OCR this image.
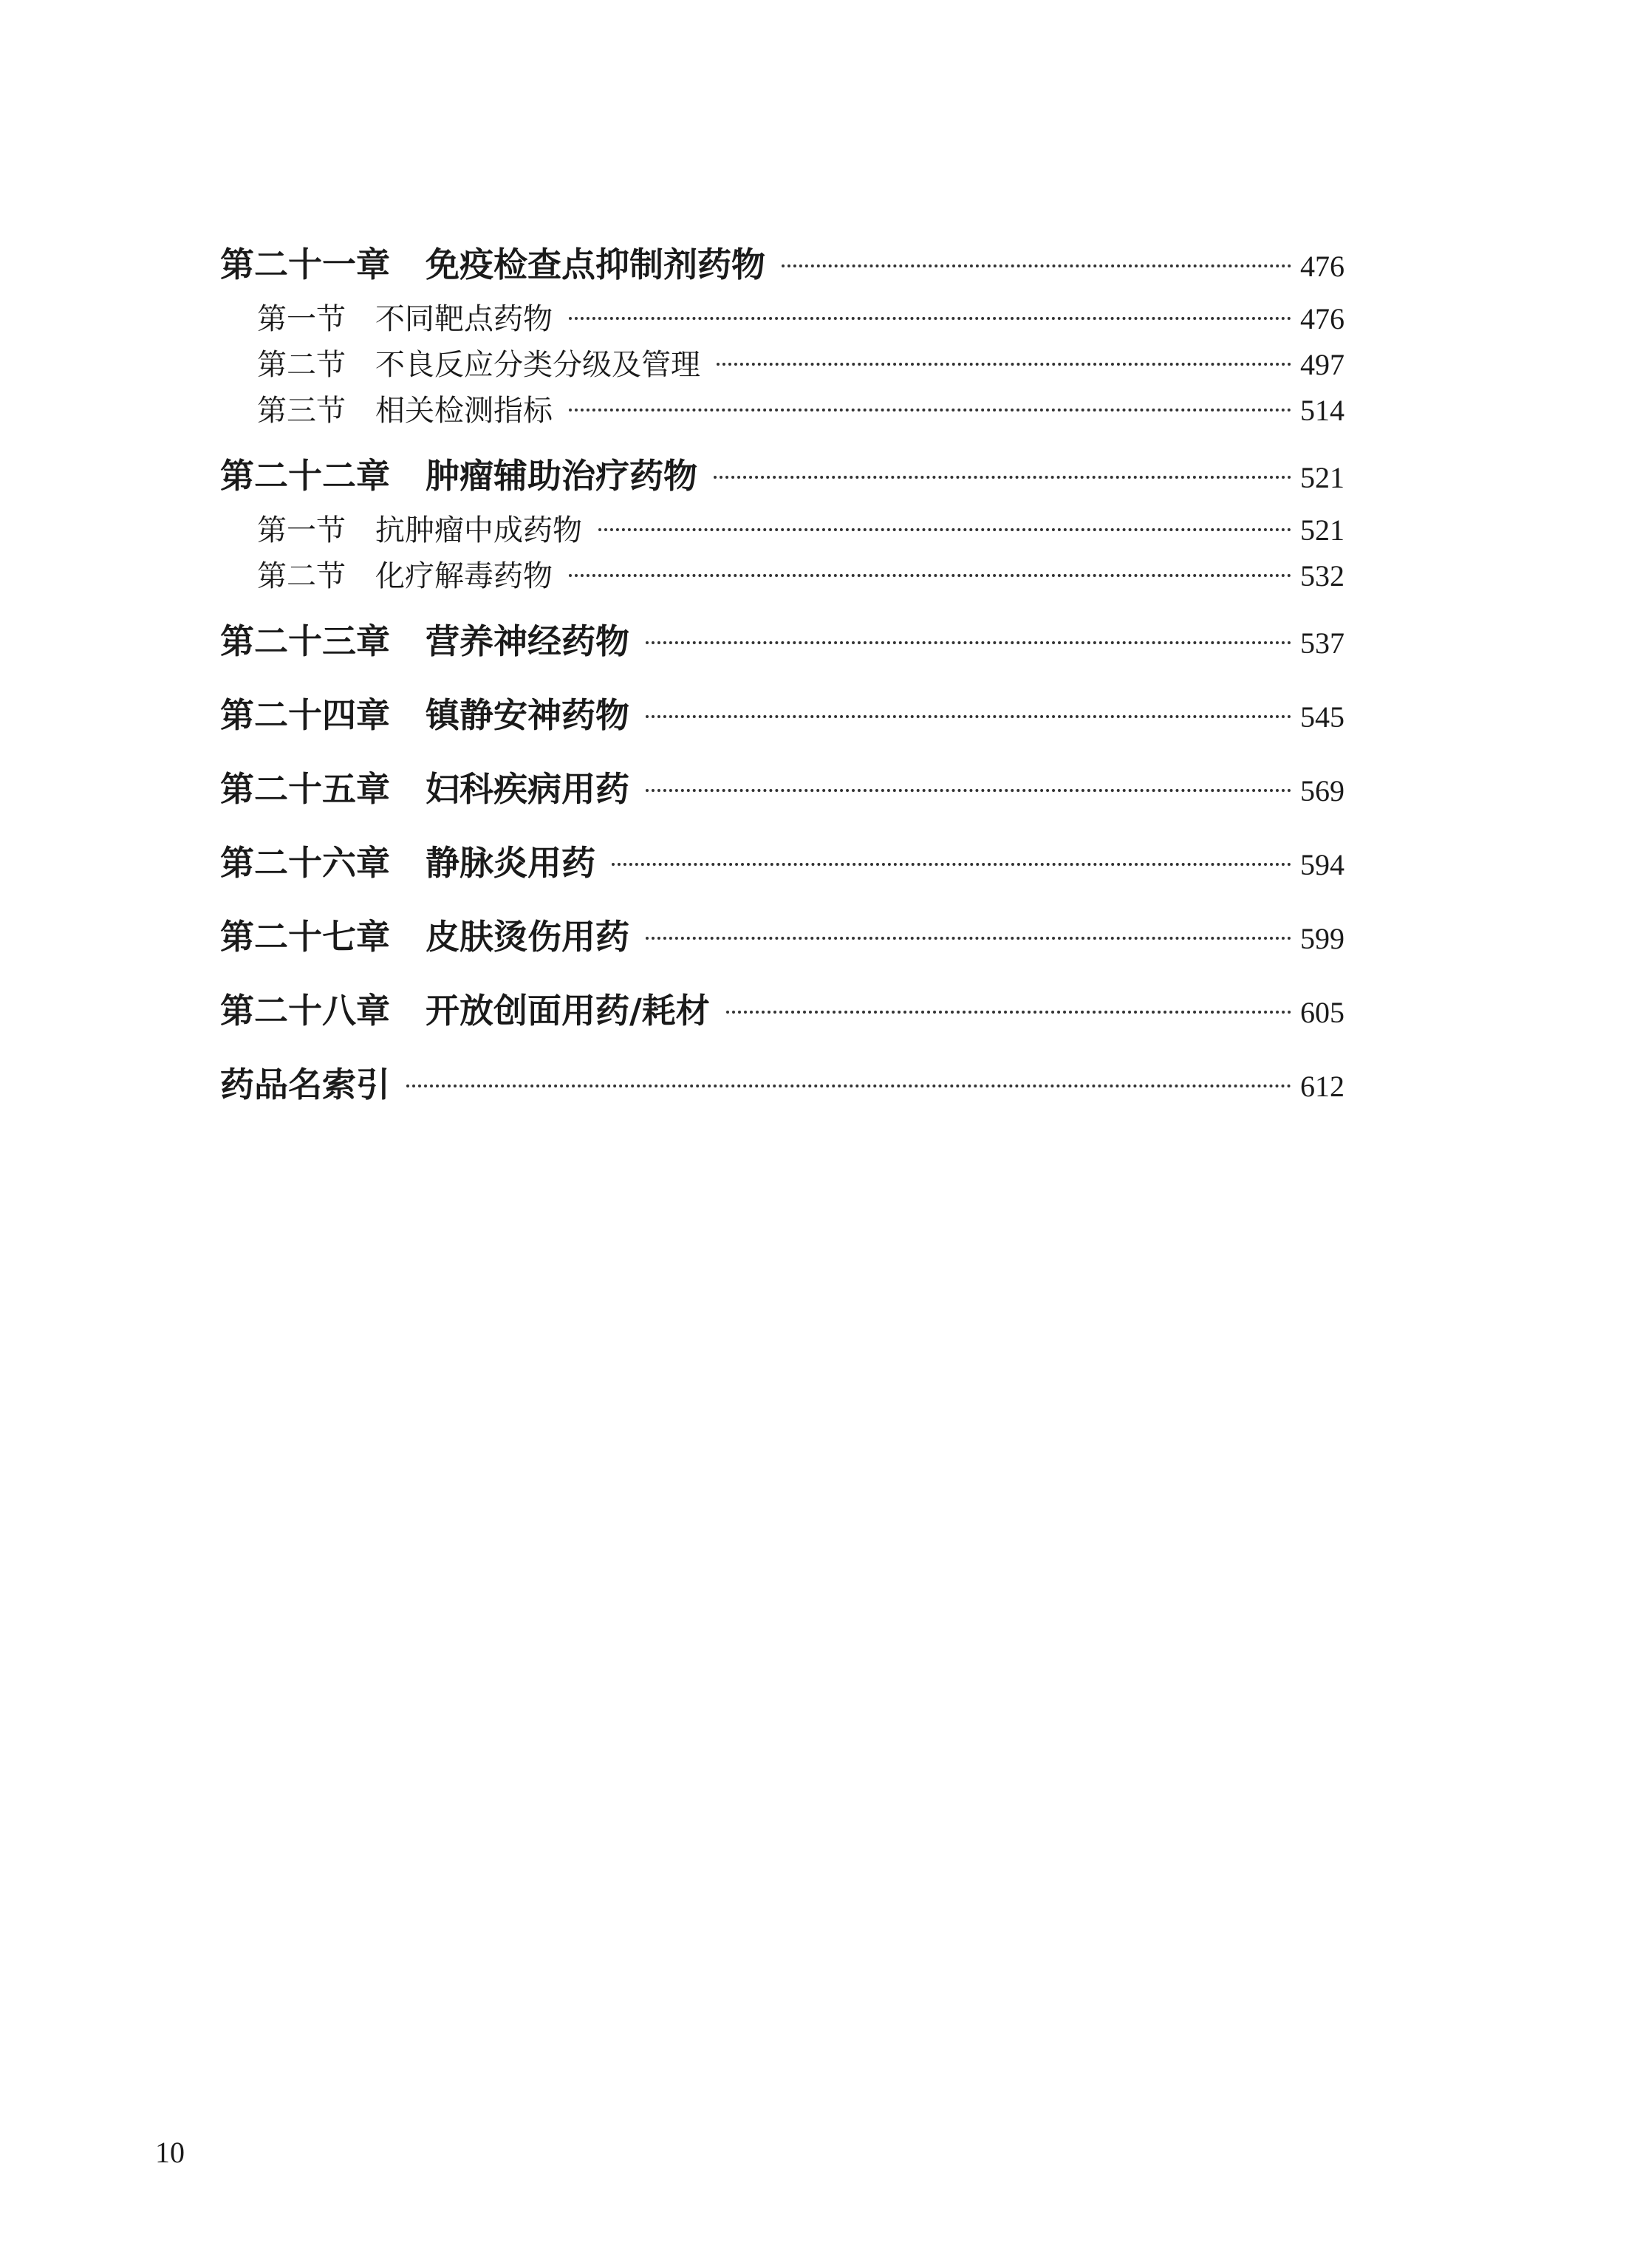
第二十一章 免疫检查点抑制剂药物	476
第一节 不同靶点药物	476
第二节 不良反应分类分级及管理	497
第三节 相关检测指标	514
第二十二章 肿瘤辅助治疗药物	521
第一节 抗肿瘤中成药物	521
第二节 化疗解毒药物	532
第二十三章 营养神经药物	537
第二十四章 镇静安神药物	545
第二十五章 妇科疾病用药	569
第二十六章 静脉炎用药	594
第二十七章 皮肤烫伤用药	599
第二十八章 开放创面用药/耗材	605
药品名索引	612
10
